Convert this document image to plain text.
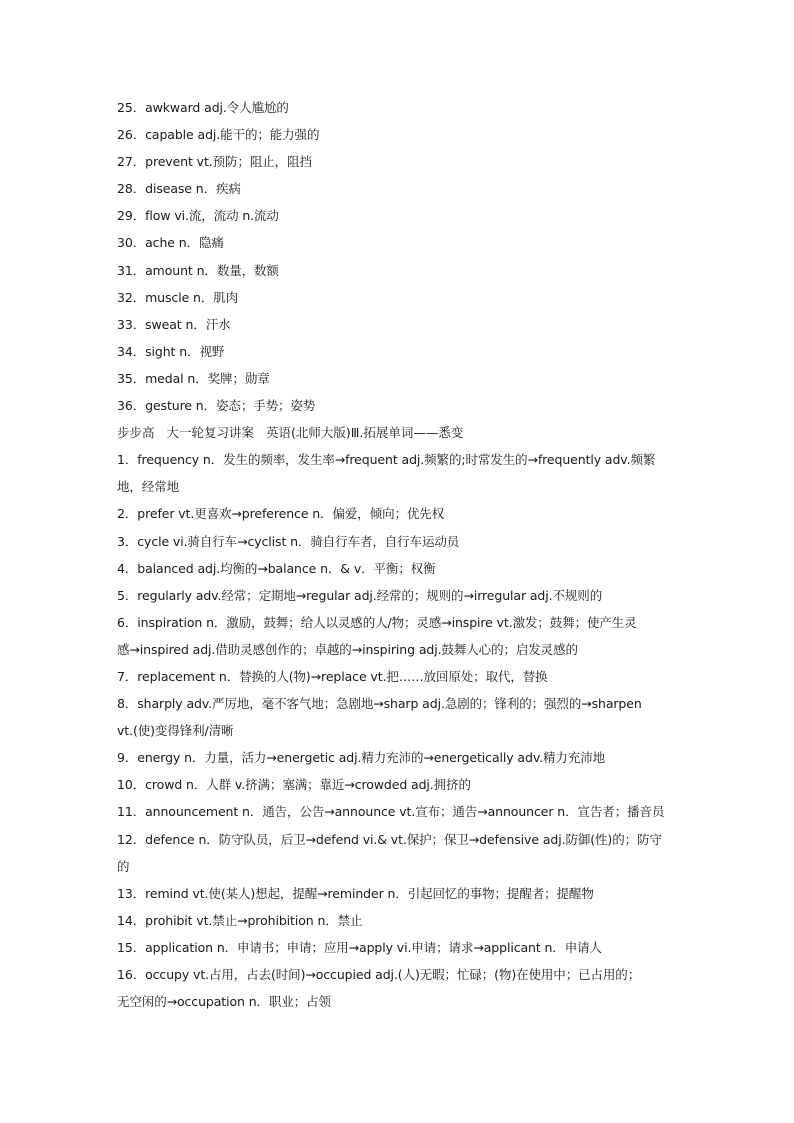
25．awkward adj.令人尴尬的
26．capable adj.能干的；能力强的
27．prevent vt.预防；阻止，阻挡
28．disease n．疾病
29．flow vi.流，流动 n.流动
30．ache n．隐痛
31．amount n．数量，数额
32．muscle n．肌肉
33．sweat n．汗水
34．sight n．视野
35．medal n．奖牌；勋章
36．gesture n．姿态；手势；姿势
步步高 大一轮复习讲案 英语(北师大版)Ⅲ.拓展单词——悉变
1．frequency n．发生的频率，发生率→frequent adj.频繁的;时常发生的→frequently adv.频繁
地，经常地
2．prefer vt.更喜欢→preference n．偏爱，倾向；优先权
3．cycle vi.骑自行车→cyclist n．骑自行车者，自行车运动员
4．balanced adj.均衡的→balance n．& v．平衡；权衡
5．regularly adv.经常；定期地→regular adj.经常的；规则的→irregular adj.不规则的
6．inspiration n．激励，鼓舞；给人以灵感的人/物；灵感→inspire vt.激发；鼓舞；使产生灵
感→inspired adj.借助灵感创作的；卓越的→inspiring adj.鼓舞人心的；启发灵感的
7．replacement n．替换的人(物)→replace vt.把……放回原处；取代，替换
8．sharply adv.严厉地，毫不客气地；急剧地→sharp adj.急剧的；锋利的；强烈的→sharpen
vt.(使)变得锋利/清晰
9．energy n．力量，活力→energetic adj.精力充沛的→energetically adv.精力充沛地
10．crowd n．人群 v.挤满；塞满；靠近→crowded adj.拥挤的
11．announcement n．通告，公告→announce vt.宣布；通告→announcer n．宣告者；播音员
12．defence n．防守队员，后卫→defend vi.& vt.保护；保卫→defensive adj.防御(性)的；防守
的
13．remind vt.使(某人)想起，提醒→reminder n．引起回忆的事物；提醒者；提醒物
14．prohibit vt.禁止→prohibition n．禁止
15．application n．申请书；申请；应用→apply vi.申请；请求→applicant n．申请人
16．occupy vt.占用，占去(时间)→occupied adj.(人)无暇；忙碌；(物)在使用中；已占用的；
无空闲的→occupation n．职业；占领
